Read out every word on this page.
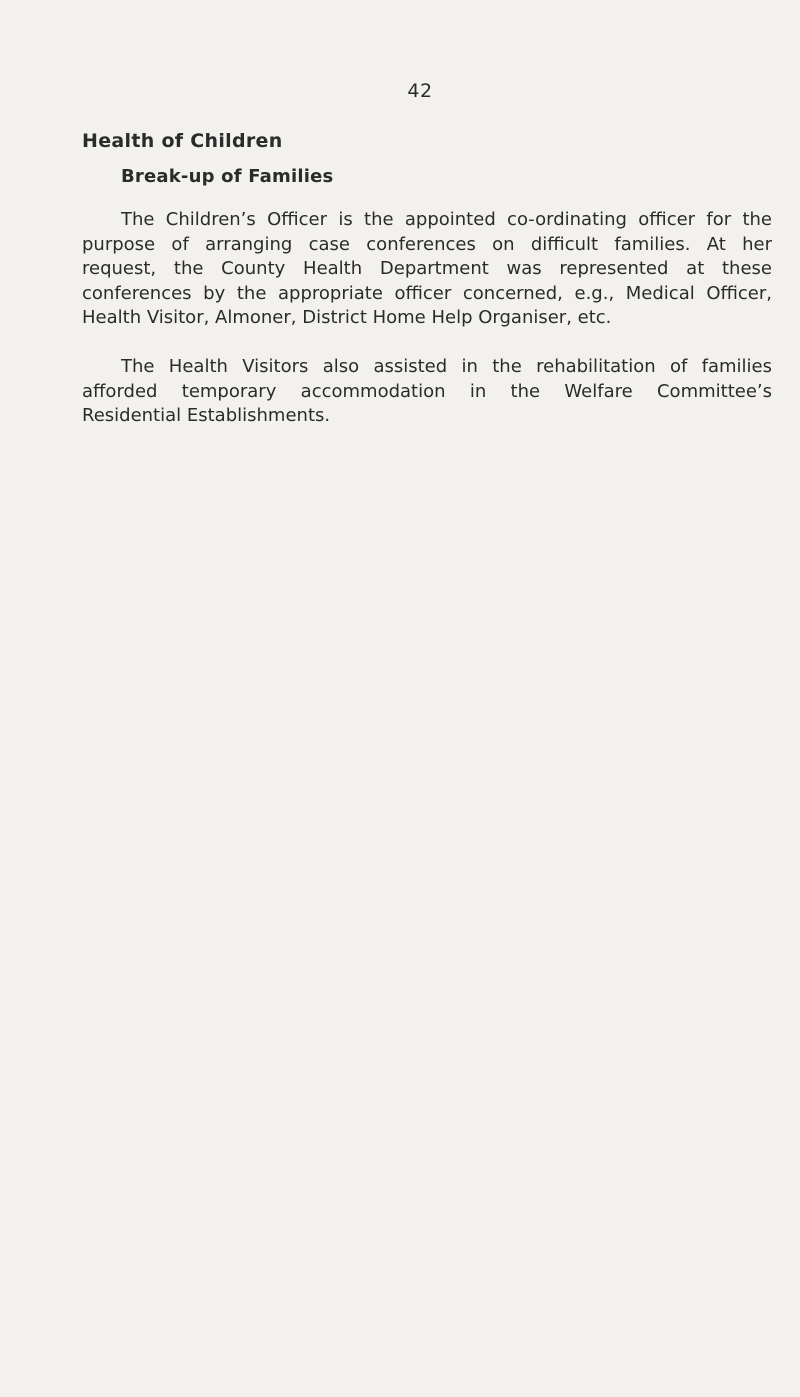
42
Health of Children
Break-up of Families
The Children’s Officer is the appointed co-ordinating officer for the
purpose of arranging case conferences on difficult families. At her
request, the County Health Department was represented at these
conferences by the appropriate officer concerned, e.g., Medical Officer,
Health Visitor, Almoner, District Home Help Organiser, etc.
The Health Visitors also assisted in the rehabilitation of families
afforded temporary accommodation in the Welfare Committee’s
Residential Establishments.
